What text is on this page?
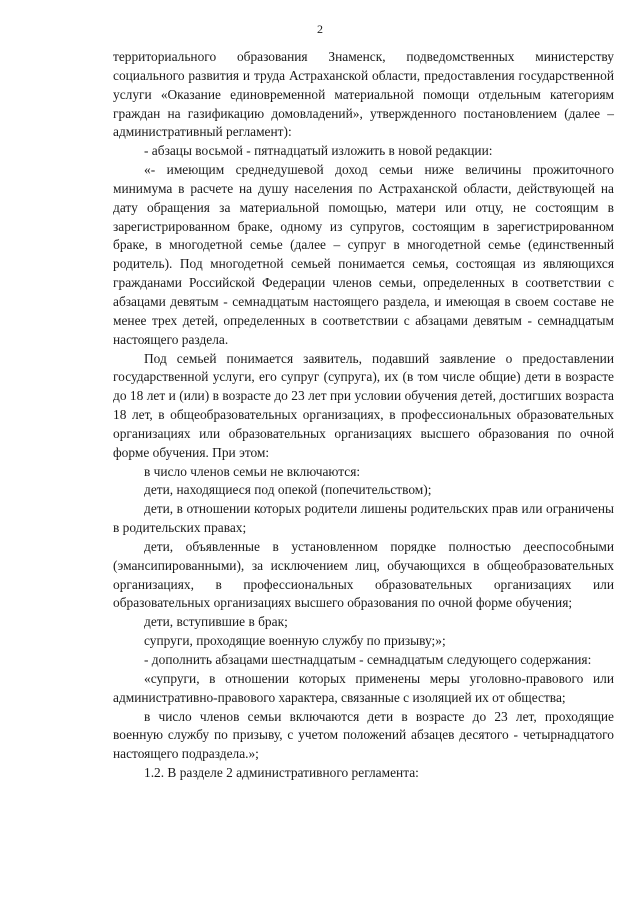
2

территориального образования Знаменск, подведомственных министерству социального развития и труда Астраханской области, предоставления государственной услуги «Оказание единовременной материальной помощи отдельным категориям граждан на газификацию домовладений», утвержденного постановлением (далее – административный регламент):

- абзацы восьмой - пятнадцатый изложить в новой редакции:

«- имеющим среднедушевой доход семьи ниже величины прожиточного минимума в расчете на душу населения по Астраханской области, действующей на дату обращения за материальной помощью, матери или отцу, не состоящим в зарегистрированном браке, одному из супругов, состоящим в зарегистрированном браке, в многодетной семье (далее – супруг в многодетной семье (единственный родитель). Под многодетной семьей понимается семья, состоящая из являющихся гражданами Российской Федерации членов семьи, определенных в соответствии с абзацами девятым - семнадцатым настоящего раздела, и имеющая в своем составе не менее трех детей, определенных в соответствии с абзацами девятым - семнадцатым настоящего раздела.

Под семьей понимается заявитель, подавший заявление о предоставлении государственной услуги, его супруг (супруга), их (в том числе общие) дети в возрасте до 18 лет и (или) в возрасте до 23 лет при условии обучения детей, достигших возраста 18 лет, в общеобразовательных организациях, в профессиональных образовательных организациях или образовательных организациях высшего образования по очной форме обучения. При этом:

в число членов семьи не включаются:

дети, находящиеся под опекой (попечительством);

дети, в отношении которых родители лишены родительских прав или ограничены в родительских правах;

дети, объявленные в установленном порядке полностью дееспособными (эмансипированными), за исключением лиц, обучающихся в общеобразовательных организациях, в профессиональных образовательных организациях или образовательных организациях высшего образования по очной форме обучения;

дети, вступившие в брак;

супруги, проходящие военную службу по призыву;»;

- дополнить абзацами шестнадцатым - семнадцатым следующего содержания:

«супруги, в отношении которых применены меры уголовно-правового или административно-правового характера, связанные с изоляцией их от общества;

в число членов семьи включаются дети в возрасте до 23 лет, проходящие военную службу по призыву, с учетом положений абзацев десятого - четырнадцатого настоящего подраздела.»;

1.2. В разделе 2 административного регламента:
